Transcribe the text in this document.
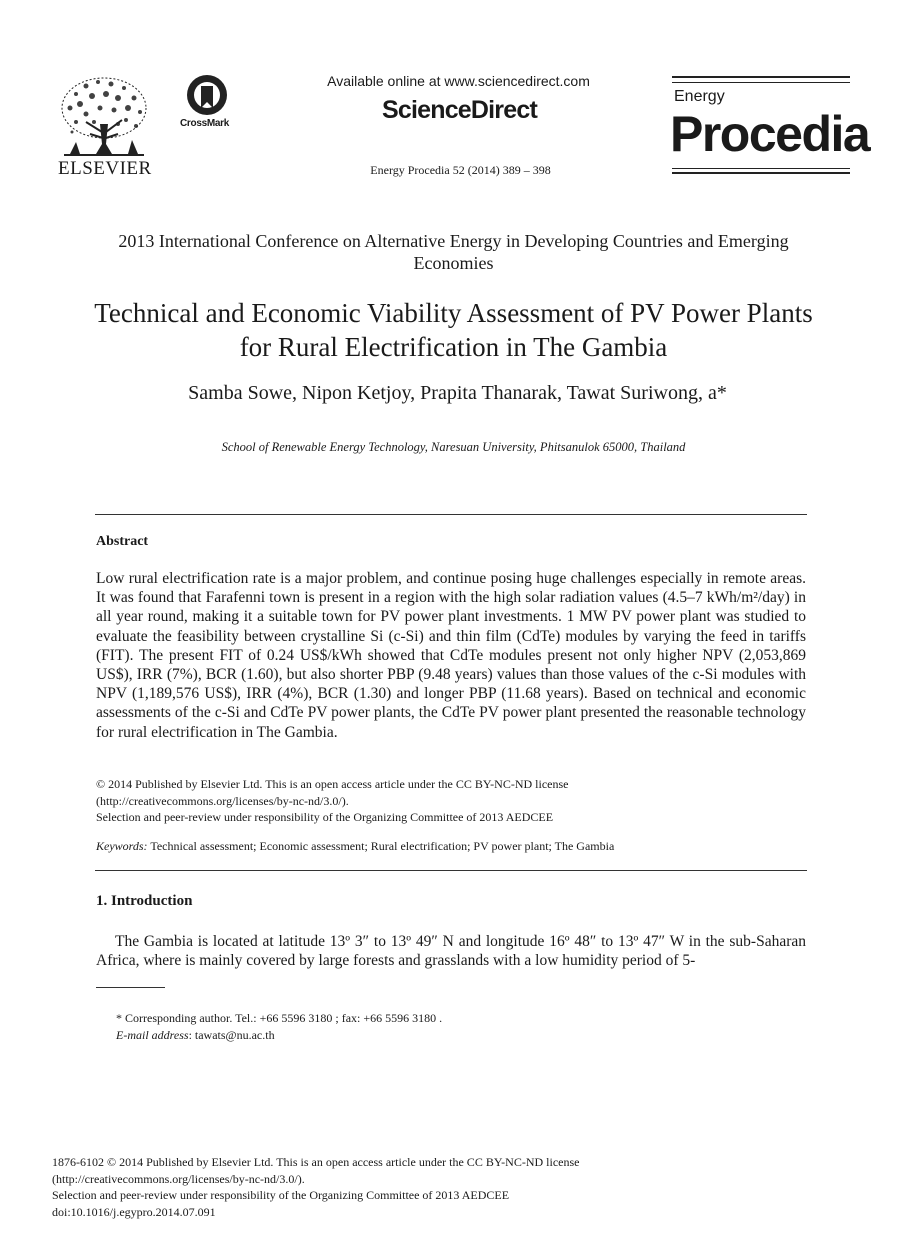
ELSEVIER
CrossMark
Available online at www.sciencedirect.com
ScienceDirect
Energy Procedia 52 (2014) 389 – 398
Energy
Procedia
2013 International Conference on Alternative Energy in Developing Countries and Emerging Economies
Technical and Economic Viability Assessment of PV Power Plants for Rural Electrification in The Gambia
Samba Sowe, Nipon Ketjoy, Prapita Thanarak, Tawat Suriwong, a*
School of Renewable Energy Technology, Naresuan University, Phitsanulok 65000, Thailand
Abstract
Low rural electrification rate is a major problem, and continue posing huge challenges especially in remote areas. It was found that Farafenni town is present in a region with the high solar radiation values (4.5–7 kWh/m²/day) in all year round, making it a suitable town for PV power plant investments. 1 MW PV power plant was studied to evaluate the feasibility between crystalline Si (c-Si) and thin film (CdTe) modules by varying the feed in tariffs (FIT). The present FIT of 0.24 US$/kWh showed that CdTe modules present not only higher NPV (2,053,869 US$), IRR (7%), BCR (1.60), but also shorter PBP (9.48 years) values than those values of the c-Si modules with NPV (1,189,576 US$), IRR (4%), BCR (1.30) and longer PBP (11.68 years). Based on technical and economic assessments of the c-Si and CdTe PV power plants, the CdTe PV power plant presented the reasonable technology for rural electrification in The Gambia.
© 2014 Published by Elsevier Ltd. This is an open access article under the CC BY-NC-ND license
(http://creativecommons.org/licenses/by-nc-nd/3.0/).
Selection and peer-review under responsibility of the Organizing Committee of 2013 AEDCEE
Keywords: Technical assessment; Economic assessment; Rural electrification; PV power plant; The Gambia
1. Introduction
The Gambia is located at latitude 13º 3″ to 13º 49″ N and longitude 16º 48″ to 13º 47″ W in the sub-Saharan Africa, where is mainly covered by large forests and grasslands with a low humidity period of 5-
* Corresponding author. Tel.: +66 5596 3180 ; fax: +66 5596 3180 .
E-mail address: tawats@nu.ac.th
1876-6102 © 2014 Published by Elsevier Ltd. This is an open access article under the CC BY-NC-ND license
(http://creativecommons.org/licenses/by-nc-nd/3.0/).
Selection and peer-review under responsibility of the Organizing Committee of 2013 AEDCEE
doi:10.1016/j.egypro.2014.07.091
